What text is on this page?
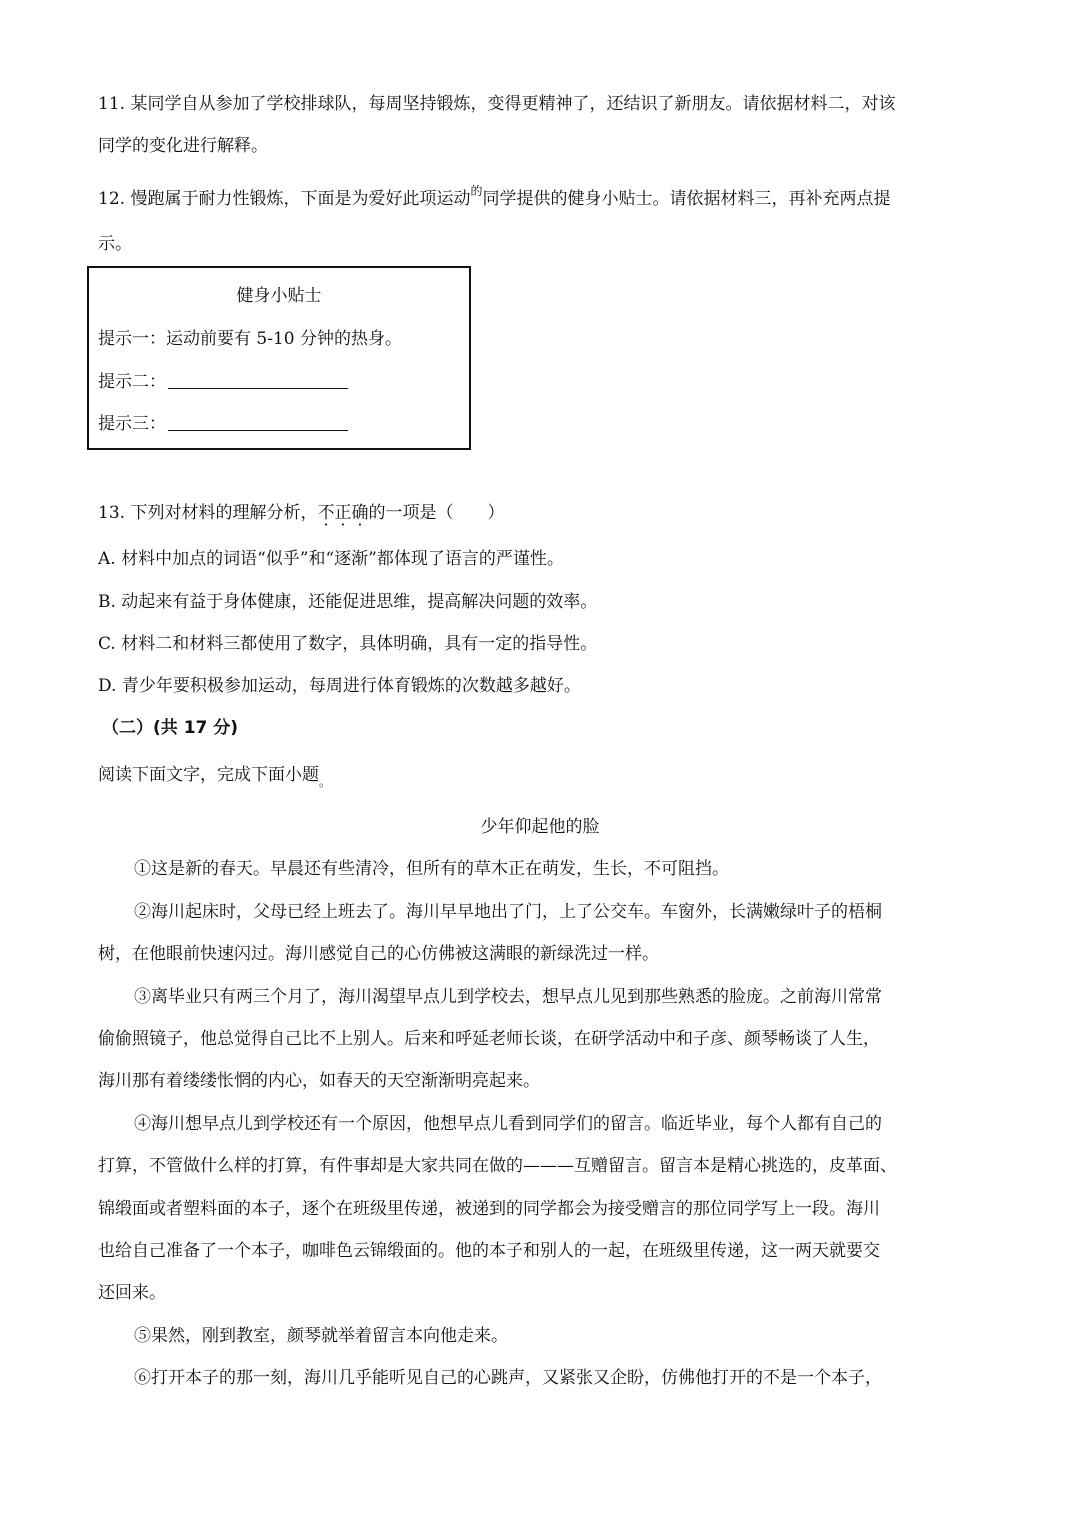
11. 某同学自从参加了学校排球队，每周坚持锻炼，变得更精神了，还结识了新朋友。请依据材料二，对该
同学的变化进行解释。
12. 慢跑属于耐力性锻炼，下面是为爱好此项运动$^的$同学提供的健身小贴士。请依据材料三，再补充两点提
示。
健身小贴士
提示一：运动前要有 5-10 分钟的热身。
提示二：
提示三：
13. 下列对材料的理解分析，不正确的一项是（　　）
A. 材料中加点的词语“似乎”和“逐渐”都体现了语言的严谨性。
B. 动起来有益于身体健康，还能促进思维，提高解决问题的效率。
C. 材料二和材料三都使用了数字，具体明确，具有一定的指导性。
D. 青少年要积极参加运动，每周进行体育锻炼的次数越多越好。
（二）(共 17 分)
阅读下面文字，完成下面小题$_。$
少年仰起他的脸
①这是新的春天。早晨还有些清冷，但所有的草木正在萌发，生长，不可阻挡。
②海川起床时，父母已经上班去了。海川早早地出了门，上了公交车。车窗外，长满嫩绿叶子的梧桐
树，在他眼前快速闪过。海川感觉自己的心仿佛被这满眼的新绿洗过一样。
③离毕业只有两三个月了，海川渴望早点儿到学校去，想早点儿见到那些熟悉的脸庞。之前海川常常
偷偷照镜子，他总觉得自己比不上别人。后来和呼延老师长谈，在研学活动中和子彦、颜琴畅谈了人生，
海川那有着缕缕怅惘的内心，如春天的天空渐渐明亮起来。
④海川想早点儿到学校还有一个原因，他想早点儿看到同学们的留言。临近毕业，每个人都有自己的
打算，不管做什么样的打算，有件事却是大家共同在做的———互赠留言。留言本是精心挑选的，皮革面、
锦缎面或者塑料面的本子，逐个在班级里传递，被递到的同学都会为接受赠言的那位同学写上一段。海川
也给自己准备了一个本子，咖啡色云锦缎面的。他的本子和别人的一起，在班级里传递，这一两天就要交
还回来。
⑤果然，刚到教室，颜琴就举着留言本向他走来。
⑥打开本子的那一刻，海川几乎能听见自己的心跳声，又紧张又企盼，仿佛他打开的不是一个本子，
